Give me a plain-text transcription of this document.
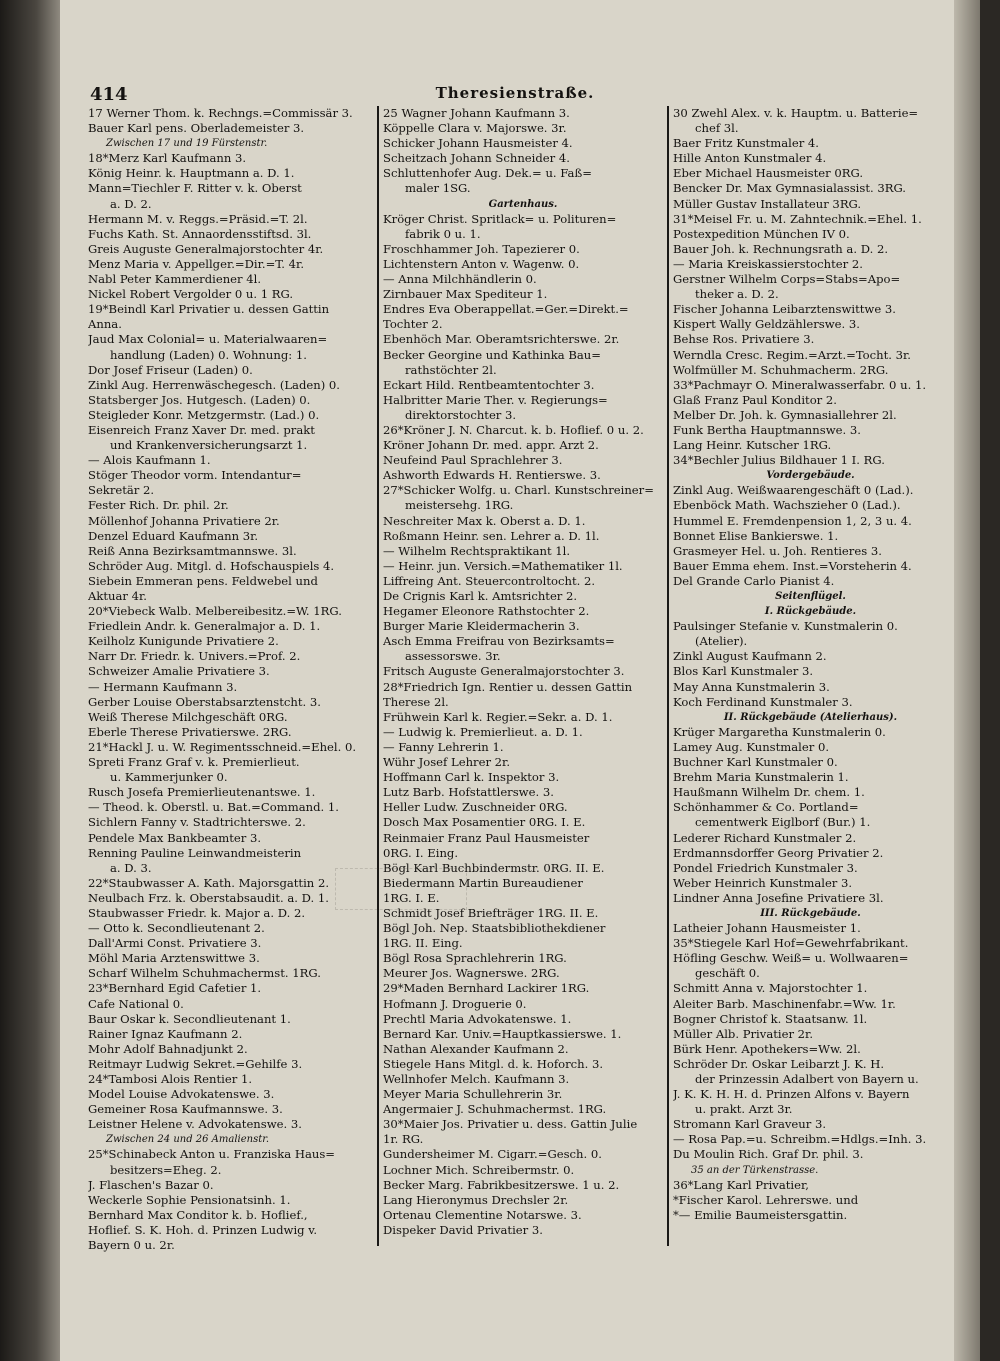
414	Theresienstraße.
17 Werner Thom. k. Rechngs.=Commissär 3.
Bauer Karl pens. Oberlademeister 3.
Zwischen 17 und 19 Fürstenstr.
18*Merz Karl Kaufmann 3.
König Heinr. k. Hauptmann a. D. 1.
Mann=Tiechler F. Ritter v. k. Oberst
a. D. 2.
Hermann M. v. Reggs.=Präsid.=T. 2l.
Fuchs Kath. St. Annaordensstiftsd. 3l.
Greis Auguste Generalmajorstochter 4r.
Menz Maria v. Appellger.=Dir.=T. 4r.
Nabl Peter Kammerdiener 4l.
Nickel Robert Vergolder 0 u. 1 RG.
19*Beindl Karl Privatier u. dessen Gattin
Anna.
Jaud Max Colonial= u. Materialwaaren=
handlung (Laden) 0. Wohnung: 1.
Dor Josef Friseur (Laden) 0.
Zinkl Aug. Herrenwäschegesch. (Laden) 0.
Statsberger Jos. Hutgesch. (Laden) 0.
Steigleder Konr. Metzgermstr. (Lad.) 0.
Eisenreich Franz Xaver Dr. med. prakt
und Krankenversicherungsarzt 1.
— Alois Kaufmann 1.
Stöger Theodor vorm. Intendantur=
Sekretär 2.
Fester Rich. Dr. phil. 2r.
Möllenhof Johanna Privatiere 2r.
Denzel Eduard Kaufmann 3r.
Reiß Anna Bezirksamtmannswe. 3l.
Schröder Aug. Mitgl. d. Hofschauspiels 4.
Siebein Emmeran pens. Feldwebel und
Aktuar 4r.
20*Viebeck Walb. Melbereibesitz.=W. 1RG.
Friedlein Andr. k. Generalmajor a. D. 1.
Keilholz Kunigunde Privatiere 2.
Narr Dr. Friedr. k. Univers.=Prof. 2.
Schweizer Amalie Privatiere 3.
— Hermann Kaufmann 3.
Gerber Louise Oberstabsarztenstcht. 3.
Weiß Therese Milchgeschäft 0RG.
Eberle Therese Privatierswe. 2RG.
21*Hackl J. u. W. Regimentsschneid.=Ehel. 0.
Spreti Franz Graf v. k. Premierlieut.
u. Kammerjunker 0.
Rusch Josefa Premierlieutenantswe. 1.
— Theod. k. Oberstl. u. Bat.=Command. 1.
Sichlern Fanny v. Stadtrichterswe. 2.
Pendele Max Bankbeamter 3.
Renning Pauline Leinwandmeisterin
a. D. 3.
22*Staubwasser A. Kath. Majorsgattin 2.
Neulbach Frz. k. Oberstabsaudit. a. D. 1.
Staubwasser Friedr. k. Major a. D. 2.
— Otto k. Secondlieutenant 2.
Dall'Armi Const. Privatiere 3.
Möhl Maria Arztenswittwe 3.
Scharf Wilhelm Schuhmachermst. 1RG.
23*Bernhard Egid Cafetier 1.
Cafe National 0.
Baur Oskar k. Secondlieutenant 1.
Rainer Ignaz Kaufmann 2.
Mohr Adolf Bahnadjunkt 2.
Reitmayr Ludwig Sekret.=Gehilfe 3.
24*Tambosi Alois Rentier 1.
Model Louise Advokatenswe. 3.
Gemeiner Rosa Kaufmannswe. 3.
Leistner Helene v. Advokatenswe. 3.
Zwischen 24 und 26 Amalienstr.
25*Schinabeck Anton u. Franziska Haus=
besitzers=Eheg. 2.
J. Flaschen's Bazar 0.
Weckerle Sophie Pensionatsinh. 1.
Bernhard Max Conditor k. b. Hoflief.,
Hoflief. S. K. Hoh. d. Prinzen Ludwig v.
Bayern 0 u. 2r.
25 Wagner Johann Kaufmann 3.
Köppelle Clara v. Majorswe. 3r.
Schicker Johann Hausmeister 4.
Scheitzach Johann Schneider 4.
Schluttenhofer Aug. Dek.= u. Faß=
maler 1SG.
Gartenhaus.
Kröger Christ. Spritlack= u. Polituren=
fabrik 0 u. 1.
Froschhammer Joh. Tapezierer 0.
Lichtenstern Anton v. Wagenw. 0.
— Anna Milchhändlerin 0.
Zirnbauer Max Spediteur 1.
Endres Eva Oberappellat.=Ger.=Direkt.=
Tochter 2.
Ebenhöch Mar. Oberamtsrichterswe. 2r.
Becker Georgine und Kathinka Bau=
rathstöchter 2l.
Eckart Hild. Rentbeamtentochter 3.
Halbritter Marie Ther. v. Regierungs=
direktorstochter 3.
26*Kröner J. N. Charcut. k. b. Hoflief. 0 u. 2.
Kröner Johann Dr. med. appr. Arzt 2.
Neufeind Paul Sprachlehrer 3.
Ashworth Edwards H. Rentierswe. 3.
27*Schicker Wolfg. u. Charl. Kunstschreiner=
meistersehg. 1RG.
Neschreiter Max k. Oberst a. D. 1.
Roßmann Heinr. sen. Lehrer a. D. 1l.
— Wilhelm Rechtspraktikant 1l.
— Heinr. jun. Versich.=Mathematiker 1l.
Liffreing Ant. Steuercontroltocht. 2.
De Crignis Karl k. Amtsrichter 2.
Hegamer Eleonore Rathstochter 2.
Burger Marie Kleidermacherin 3.
Asch Emma Freifrau von Bezirksamts=
assessorswe. 3r.
Fritsch Auguste Generalmajorstochter 3.
28*Friedrich Ign. Rentier u. dessen Gattin
Therese 2l.
Frühwein Karl k. Regier.=Sekr. a. D. 1.
— Ludwig k. Premierlieut. a. D. 1.
— Fanny Lehrerin 1.
Wühr Josef Lehrer 2r.
Hoffmann Carl k. Inspektor 3.
Lutz Barb. Hofstattlerswe. 3.
Heller Ludw. Zuschneider 0RG.
Dosch Max Posamentier 0RG. I. E.
Reinmaier Franz Paul Hausmeister
0RG. I. Eing.
Bögl Karl Buchbindermstr. 0RG. II. E.
Biedermann Martin Bureaudiener
1RG. I. E.
Schmidt Josef Briefträger 1RG. II. E.
Bögl Joh. Nep. Staatsbibliothekdiener
1RG. II. Eing.
Bögl Rosa Sprachlehrerin 1RG.
Meurer Jos. Wagnerswe. 2RG.
29*Maden Bernhard Lackirer 1RG.
Hofmann J. Droguerie 0.
Prechtl Maria Advokatenswe. 1.
Bernard Kar. Univ.=Hauptkassierswe. 1.
Nathan Alexander Kaufmann 2.
Stiegele Hans Mitgl. d. k. Hoforch. 3.
Wellnhofer Melch. Kaufmann 3.
Meyer Maria Schullehrerin 3r.
Angermaier J. Schuhmachermst. 1RG.
30*Maier Jos. Privatier u. dess. Gattin Julie
1r. RG.
Gundersheimer M. Cigarr.=Gesch. 0.
Lochner Mich. Schreibermstr. 0.
Becker Marg. Fabrikbesitzerswe. 1 u. 2.
Lang Hieronymus Drechsler 2r.
Ortenau Clementine Notarswe. 3.
Dispeker David Privatier 3.
30 Zwehl Alex. v. k. Hauptm. u. Batterie=
chef 3l.
Baer Fritz Kunstmaler 4.
Hille Anton Kunstmaler 4.
Eber Michael Hausmeister 0RG.
Bencker Dr. Max Gymnasialassist. 3RG.
Müller Gustav Installateur 3RG.
31*Meisel Fr. u. M. Zahntechnik.=Ehel. 1.
Postexpedition München IV 0.
Bauer Joh. k. Rechnungsrath a. D. 2.
— Maria Kreiskassierstochter 2.
Gerstner Wilhelm Corps=Stabs=Apo=
theker a. D. 2.
Fischer Johanna Leibarztenswittwe 3.
Kispert Wally Geldzählerswe. 3.
Behse Ros. Privatiere 3.
Werndla Cresc. Regim.=Arzt.=Tocht. 3r.
Wolfmüller M. Schuhmacherm. 2RG.
33*Pachmayr O. Mineralwasserfabr. 0 u. 1.
Glaß Franz Paul Konditor 2.
Melber Dr. Joh. k. Gymnasiallehrer 2l.
Funk Bertha Hauptmannswe. 3.
Lang Heinr. Kutscher 1RG.
34*Bechler Julius Bildhauer 1 I. RG.
Vordergebäude.
Zinkl Aug. Weißwaarengeschäft 0 (Lad.).
Ebenböck Math. Wachszieher 0 (Lad.).
Hummel E. Fremdenpension 1, 2, 3 u. 4.
Bonnet Elise Bankierswe. 1.
Grasmeyer Hel. u. Joh. Rentieres 3.
Bauer Emma ehem. Inst.=Vorsteherin 4.
Del Grande Carlo Pianist 4.
Seitenflügel.
I. Rückgebäude.
Paulsinger Stefanie v. Kunstmalerin 0.
(Atelier).
Zinkl August Kaufmann 2.
Blos Karl Kunstmaler 3.
May Anna Kunstmalerin 3.
Koch Ferdinand Kunstmaler 3.
II. Rückgebäude (Atelierhaus).
Krüger Margaretha Kunstmalerin 0.
Lamey Aug. Kunstmaler 0.
Buchner Karl Kunstmaler 0.
Brehm Maria Kunstmalerin 1.
Haußmann Wilhelm Dr. chem. 1.
Schönhammer & Co. Portland=
cementwerk Eiglborf (Bur.) 1.
Lederer Richard Kunstmaler 2.
Erdmannsdorffer Georg Privatier 2.
Pondel Friedrich Kunstmaler 3.
Weber Heinrich Kunstmaler 3.
Lindner Anna Josefine Privatiere 3l.
III. Rückgebäude.
Latheier Johann Hausmeister 1.
35*Stiegele Karl Hof=Gewehrfabrikant.
Höfling Geschw. Weiß= u. Wollwaaren=
geschäft 0.
Schmitt Anna v. Majorstochter 1.
Aleiter Barb. Maschinenfabr.=Ww. 1r.
Bogner Christof k. Staatsanw. 1l.
Müller Alb. Privatier 2r.
Bürk Henr. Apothekers=Ww. 2l.
Schröder Dr. Oskar Leibarzt J. K. H.
der Prinzessin Adalbert von Bayern u.
J. K. K. H. H. d. Prinzen Alfons v. Bayern
u. prakt. Arzt 3r.
Stromann Karl Graveur 3.
— Rosa Pap.=u. Schreibm.=Hdlgs.=Inh. 3.
Du Moulin Rich. Graf Dr. phil. 3.
35 an der Türkenstrasse.
36*Lang Karl Privatier,
*Fischer Karol. Lehrerswe. und
*— Emilie Baumeistersgattin.
